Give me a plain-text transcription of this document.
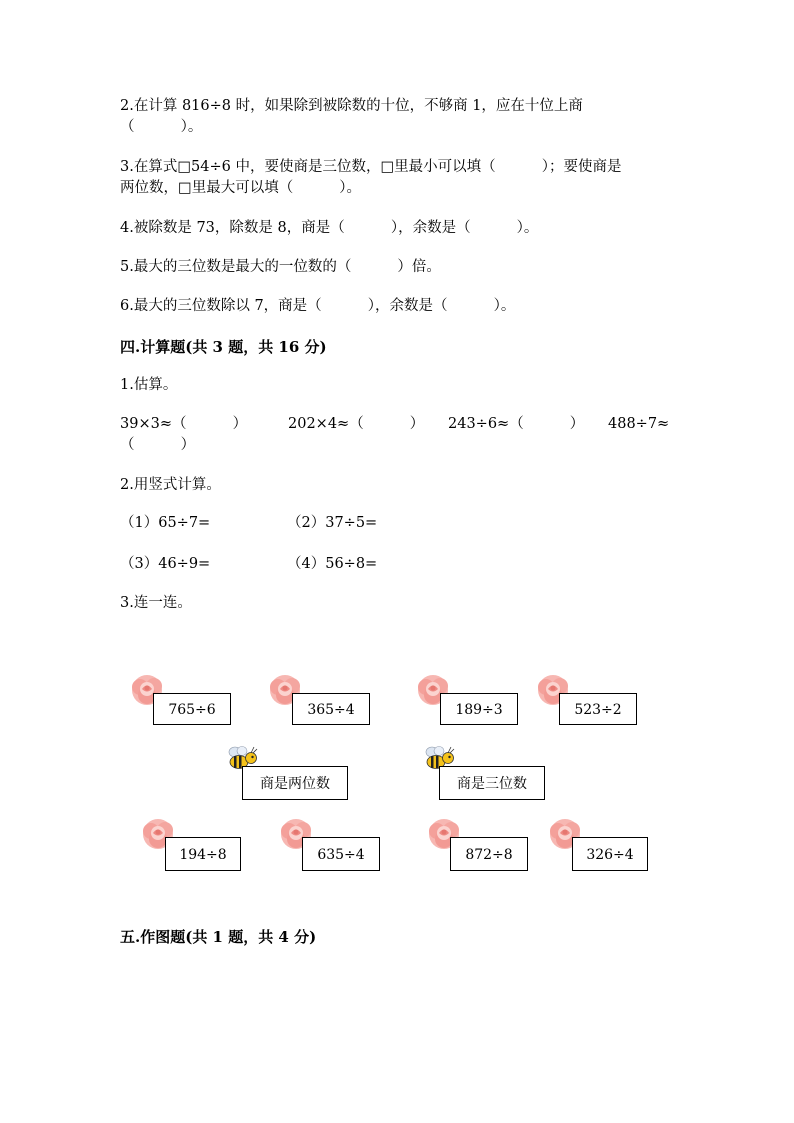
2.在计算 816÷8 时，如果除到被除数的十位，不够商 1，应在十位上商
（          ）。
3.在算式□54÷6 中，要使商是三位数，□里最小可以填（          ）；要使商是
两位数，□里最大可以填（          ）。
4.被除数是 73，除数是 8，商是（          ），余数是（          ）。
5.最大的三位数是最大的一位数的（          ）倍。
6.最大的三位数除以 7，商是（          ），余数是（          ）。
四.计算题(共 3 题，共 16 分)
1.估算。
39×3≈（          ）	202×4≈（          ） 243÷6≈（          ） 488÷7≈
（          ）
2.用竖式计算。
（1）65÷7=	（2）37÷5=
（3）46÷9=	（4）56÷8=
3.连一连。
765÷6	365÷4	189÷3	523÷2
商是两位数	商是三位数
194÷8	635÷4	872÷8	326÷4
五.作图题(共 1 题，共 4 分)
